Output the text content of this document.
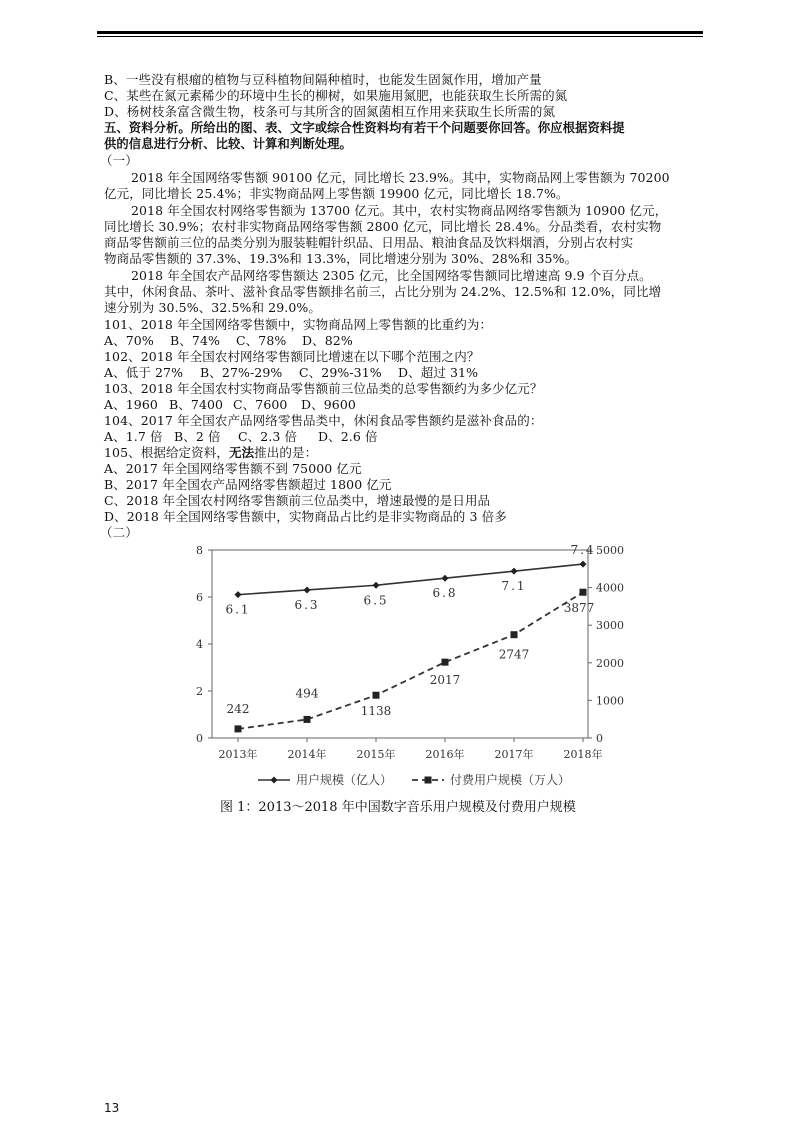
B、一些没有根瘤的植物与豆科植物间隔种植时，也能发生固氮作用，增加产量
C、某些在氮元素稀少的环境中生长的柳树，如果施用氮肥，也能获取生长所需的氮
D、杨树枝条富含微生物，枝条可与其所含的固氮菌相互作用来获取生长所需的氮
五、资料分析。所给出的图、表、文字或综合性资料均有若干个问题要你回答。你应根据资料提
供的信息进行分析、比较、计算和判断处理。
（一）
2018 年全国网络零售额 90100 亿元，同比增长 23.9%。其中，实物商品网上零售额为 70200
亿元，同比增长 25.4%；非实物商品网上零售额 19900 亿元，同比增长 18.7%。
2018 年全国农村网络零售额为 13700 亿元。其中，农村实物商品网络零售额为 10900 亿元，
同比增长 30.9%；农村非实物商品网络零售额 2800 亿元，同比增长 28.4%。分品类看，农村实物
商品零售额前三位的品类分别为服装鞋帽针织品、日用品、粮油食品及饮料烟酒，分别占农村实
物商品零售额的 37.3%、19.3%和 13.3%，同比增速分别为 30%、28%和 35%。
2018 年全国农产品网络零售额达 2305 亿元，比全国网络零售额同比增速高 9.9 个百分点。
其中，休闲食品、茶叶、滋补食品零售额排名前三，占比分别为 24.2%、12.5%和 12.0%，同比增
速分别为 30.5%、32.5%和 29.0%。
101、2018 年全国网络零售额中，实物商品网上零售额的比重约为：
A、70% B、74% C、78% D、82%
102、2018 年全国农村网络零售额同比增速在以下哪个范围之内？
A、低于 27% B、27%-29% C、29%-31% D、超过 31%
103、2018 年全国农村实物商品零售额前三位品类的总零售额约为多少亿元？
A、1960 B、7400 C、7600 D、9600
104、2017 年全国农产品网络零售品类中，休闲食品零售额约是滋补食品的：
A、1.7 倍 B、2 倍 C、2.3 倍 D、2.6 倍
105、根据给定资料，无法推出的是：
A、2017 年全国网络零售额不到 75000 亿元
B、2017 年全国农产品网络零售额超过 1800 亿元
C、2018 年全国农村网络零售额前三位品类中，增速最慢的是日用品
D、2018 年全国网络零售额中，实物商品占比约是非实物商品的 3 倍多
（二）
0
2
4
6
8
0
1000
2000
3000
4000
5000
2013年	2014年	2015年	2016年	2017年	2018年
6.1	6.3	6.5
6.8
7.1
7.4
242
494
1138
2017
2747
3877
用户规模（亿人）	付费用户规模（万人）
图 1：2013～2018 年中国数字音乐用户规模及付费用户规模
13
